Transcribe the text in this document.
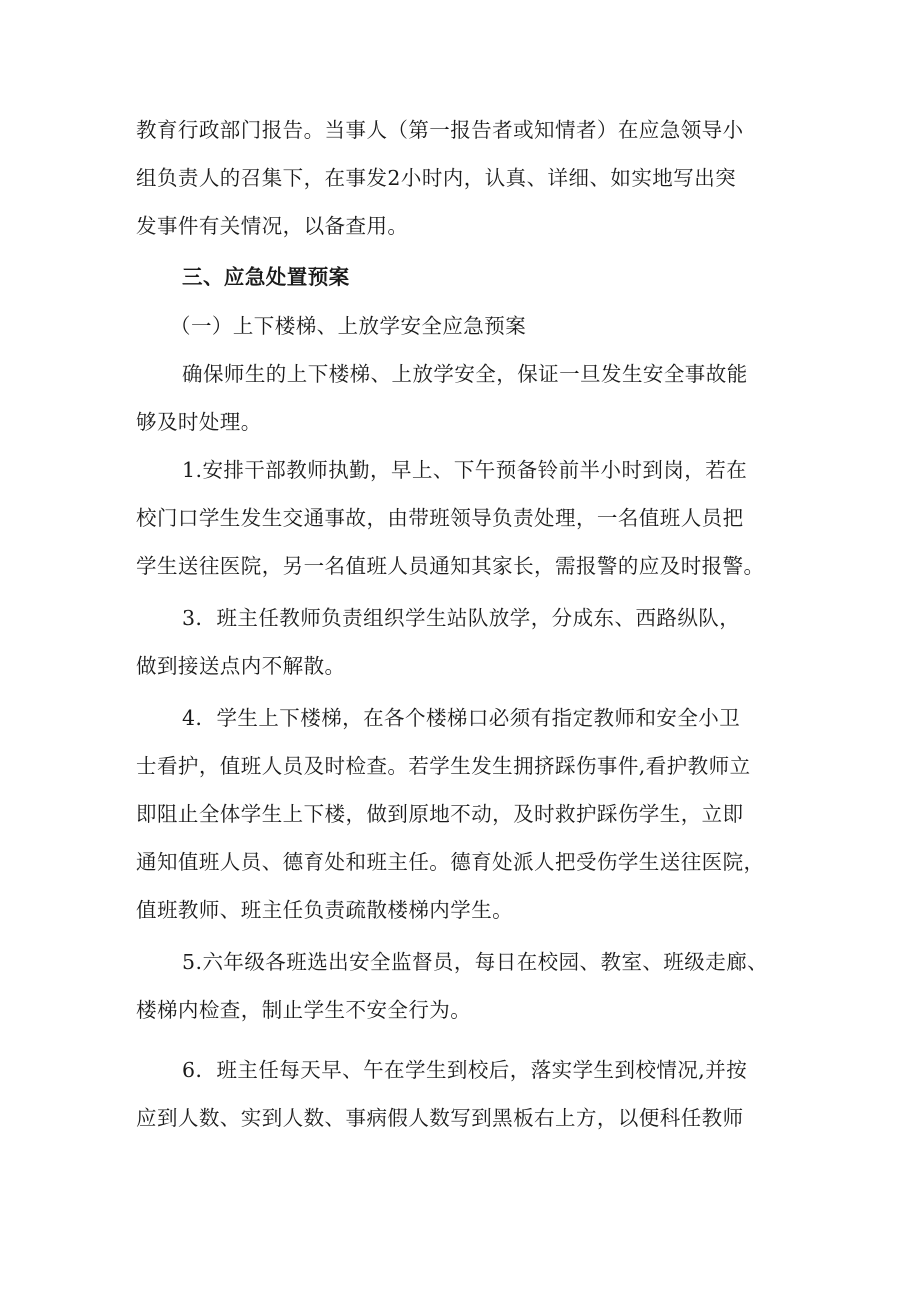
教育行政部门报告。当事人（第一报告者或知情者）在应急领导小
组负责人的召集下，在事发2小时内，认真、详细、如实地写出突
发事件有关情况，以备查用。
三、应急处置预案
（一）上下楼梯、上放学安全应急预案
确保师生的上下楼梯、上放学安全，保证一旦发生安全事故能
够及时处理。
1.安排干部教师执勤，早上、下午预备铃前半小时到岗，若在
校门口学生发生交通事故，由带班领导负责处理，一名值班人员把
学生送往医院，另一名值班人员通知其家长，需报警的应及时报警。
3．班主任教师负责组织学生站队放学，分成东、西路纵队，
做到接送点内不解散。
4．学生上下楼梯，在各个楼梯口必须有指定教师和安全小卫
士看护，值班人员及时检查。若学生发生拥挤踩伤事件,看护教师立
即阻止全体学生上下楼，做到原地不动，及时救护踩伤学生，立即
通知值班人员、德育处和班主任。德育处派人把受伤学生送往医院，
值班教师、班主任负责疏散楼梯内学生。
5.六年级各班选出安全监督员，每日在校园、教室、班级走廊、
楼梯内检查，制止学生不安全行为。
6．班主任每天早、午在学生到校后，落实学生到校情况,并按
应到人数、实到人数、事病假人数写到黑板右上方，以便科任教师
